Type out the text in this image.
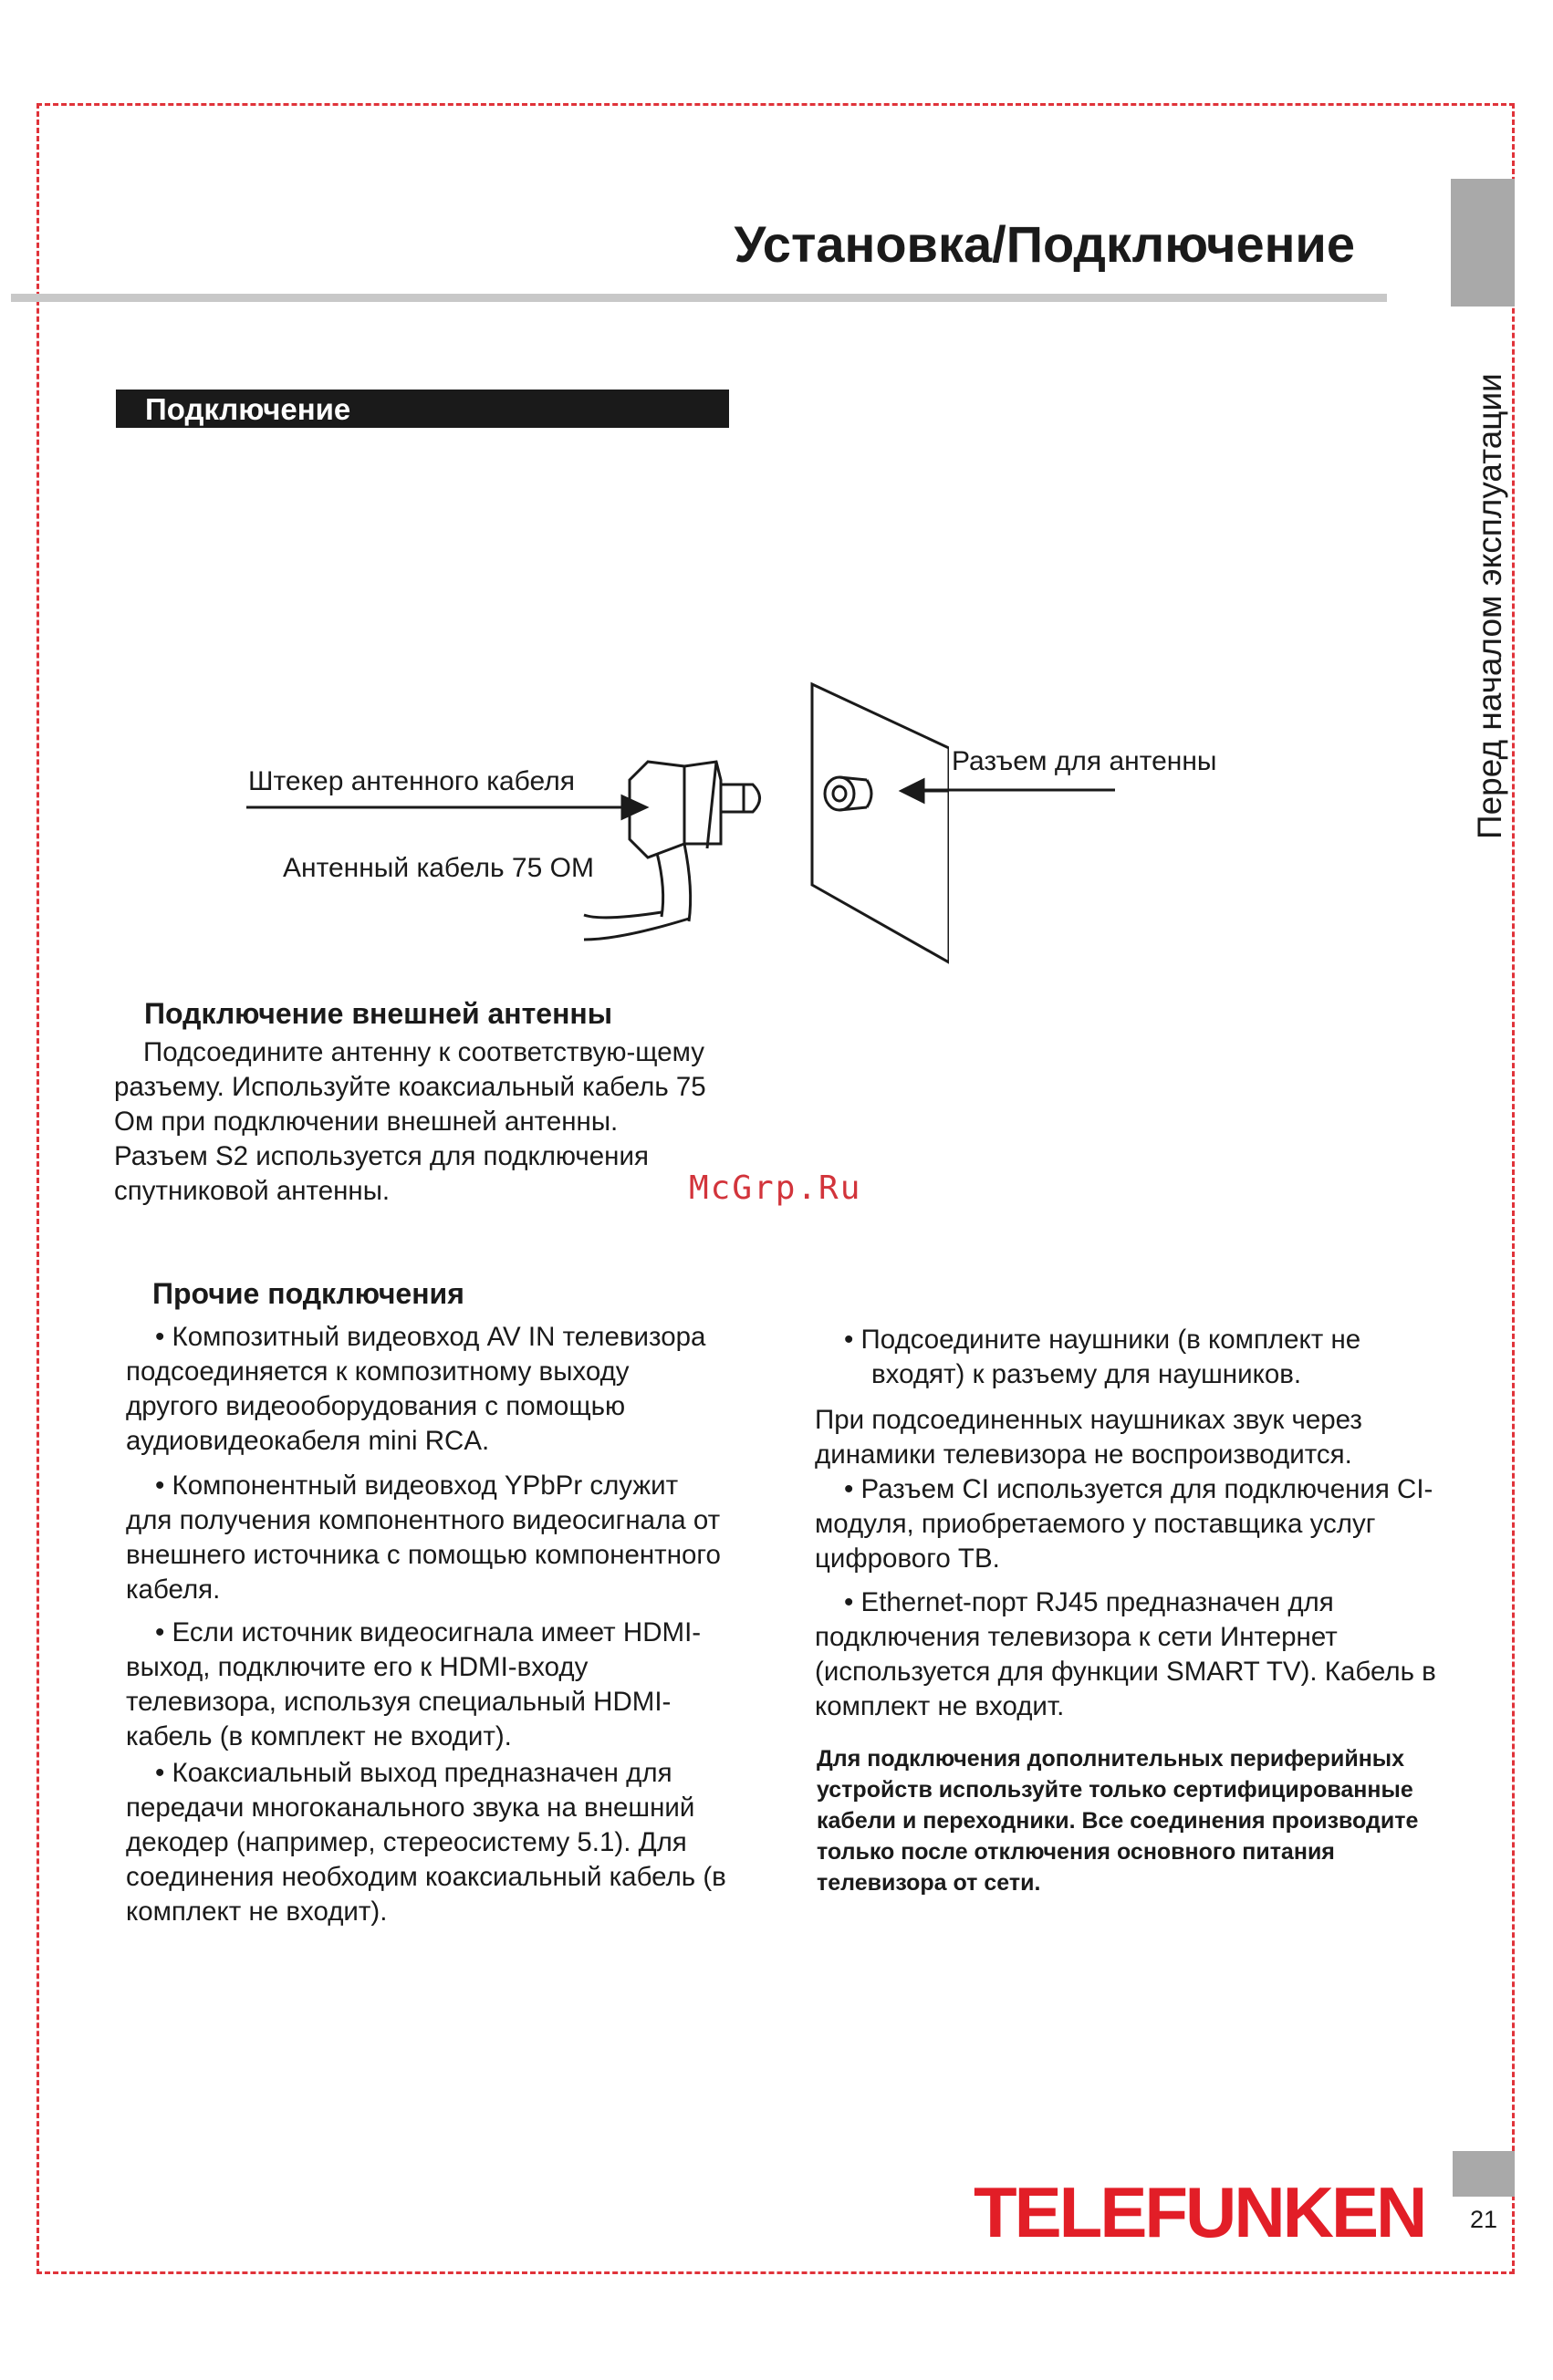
Установка/Подключение
Перед началом эксплуатации
Подключение
Штекер антенного кабеля
Антенный кабель 75 ОМ
Разъем для антенны
Подключение внешней антенны

Подсоедините антенну к соответствую-щему разъему. Используйте коаксиальный кабель 75 Ом при подключении внешней антенны. Разъем S2 используется для подключения спутниковой антенны.	McGrp.Ru
Прочие подключения

• Композитный видеовход AV IN телевизора подсоединяется к композитному выходу другого видеооборудования с помощью аудиовидеокабеля mini RCA.

• Компонентный видеовход YPbPr служит для получения компонентного видеосигнала от внешнего источника с помощью компонентного кабеля.

• Если источник видеосигнала имеет HDMI-выход, подключите его к HDMI-входу телевизора, используя специальный HDMI-кабель (в комплект не входит).

• Коаксиальный выход предназначен для передачи многоканального звука на внешний декодер (например, стереосистему 5.1). Для соединения необходим коаксиальный кабель (в комплект не входит).

• Подсоедините наушники (в комплект не входят) к разъему для наушников.

При подсоединенных наушниках звук через динамики телевизора не воспроизводится.

• Разъем CI используется для подключения CI-модуля, приобретаемого у поставщика услуг цифрового ТВ.

• Ethernet-порт RJ45 предназначен для подключения телевизора к сети Интернет (используется для функции SMART TV). Кабель в комплект не входит.

Для подключения дополнительных периферийных устройств используйте только сертифицированные кабели и переходники. Все соединения производите только после отключения основного питания телевизора от сети.

TELEFUNKEN	21
